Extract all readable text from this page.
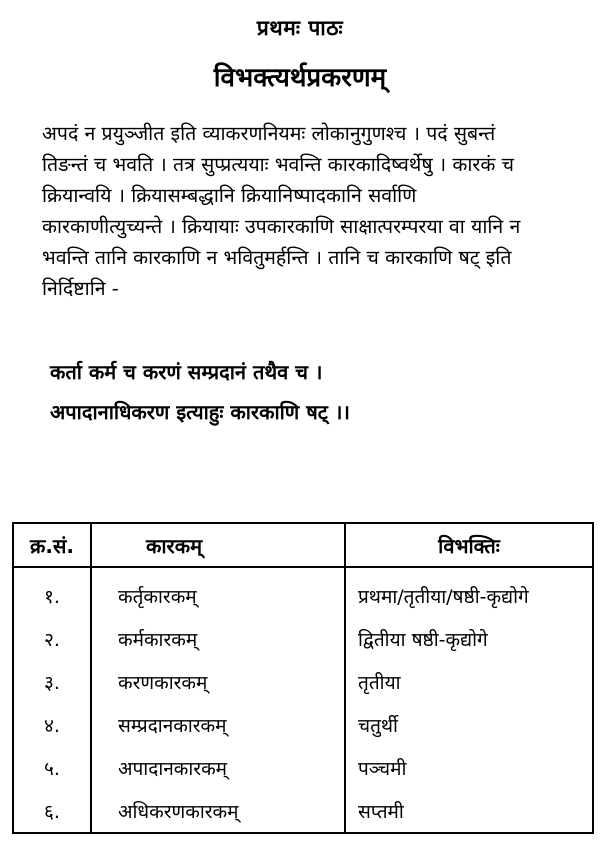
प्रथमः पाठः
विभक्त्यर्थप्रकरणम्

अपदं न प्रयुञ्जीत इति व्याकरणनियमः लोकानुगुणश्च । पदं सुबन्तं
तिङन्तं च भवति । तत्र सुप्प्रत्ययाः भवन्ति कारकादिष्वर्थेषु । कारकं च
क्रियान्वयि । क्रियासम्बद्धानि क्रियानिष्पादकानि सर्वाणि
कारकाणीत्युच्यन्ते । क्रियायाः उपकारकाणि साक्षात्परम्परया वा यानि न
भवन्ति तानि कारकाणि न भवितुमर्हन्ति । तानि च कारकाणि षट् इति
निर्दिष्टानि -

कर्ता कर्म च करणं सम्प्रदानं तथैव च ।
अपादानाधिकरण इत्याहुः कारकाणि षट् ।।
क्र.सं.	कारकम्	विभक्तिः
१.	कर्तृकारकम्	प्रथमा/तृतीया/षष्ठी-कृद्योगे
२.	कर्मकारकम्	द्वितीया षष्ठी-कृद्योगे
३.	करणकारकम्	तृतीया
४.	सम्प्रदानकारकम्	चतुर्थी
५.	अपादानकारकम्	पञ्चमी
६.	अधिकरणकारकम्	सप्तमी
